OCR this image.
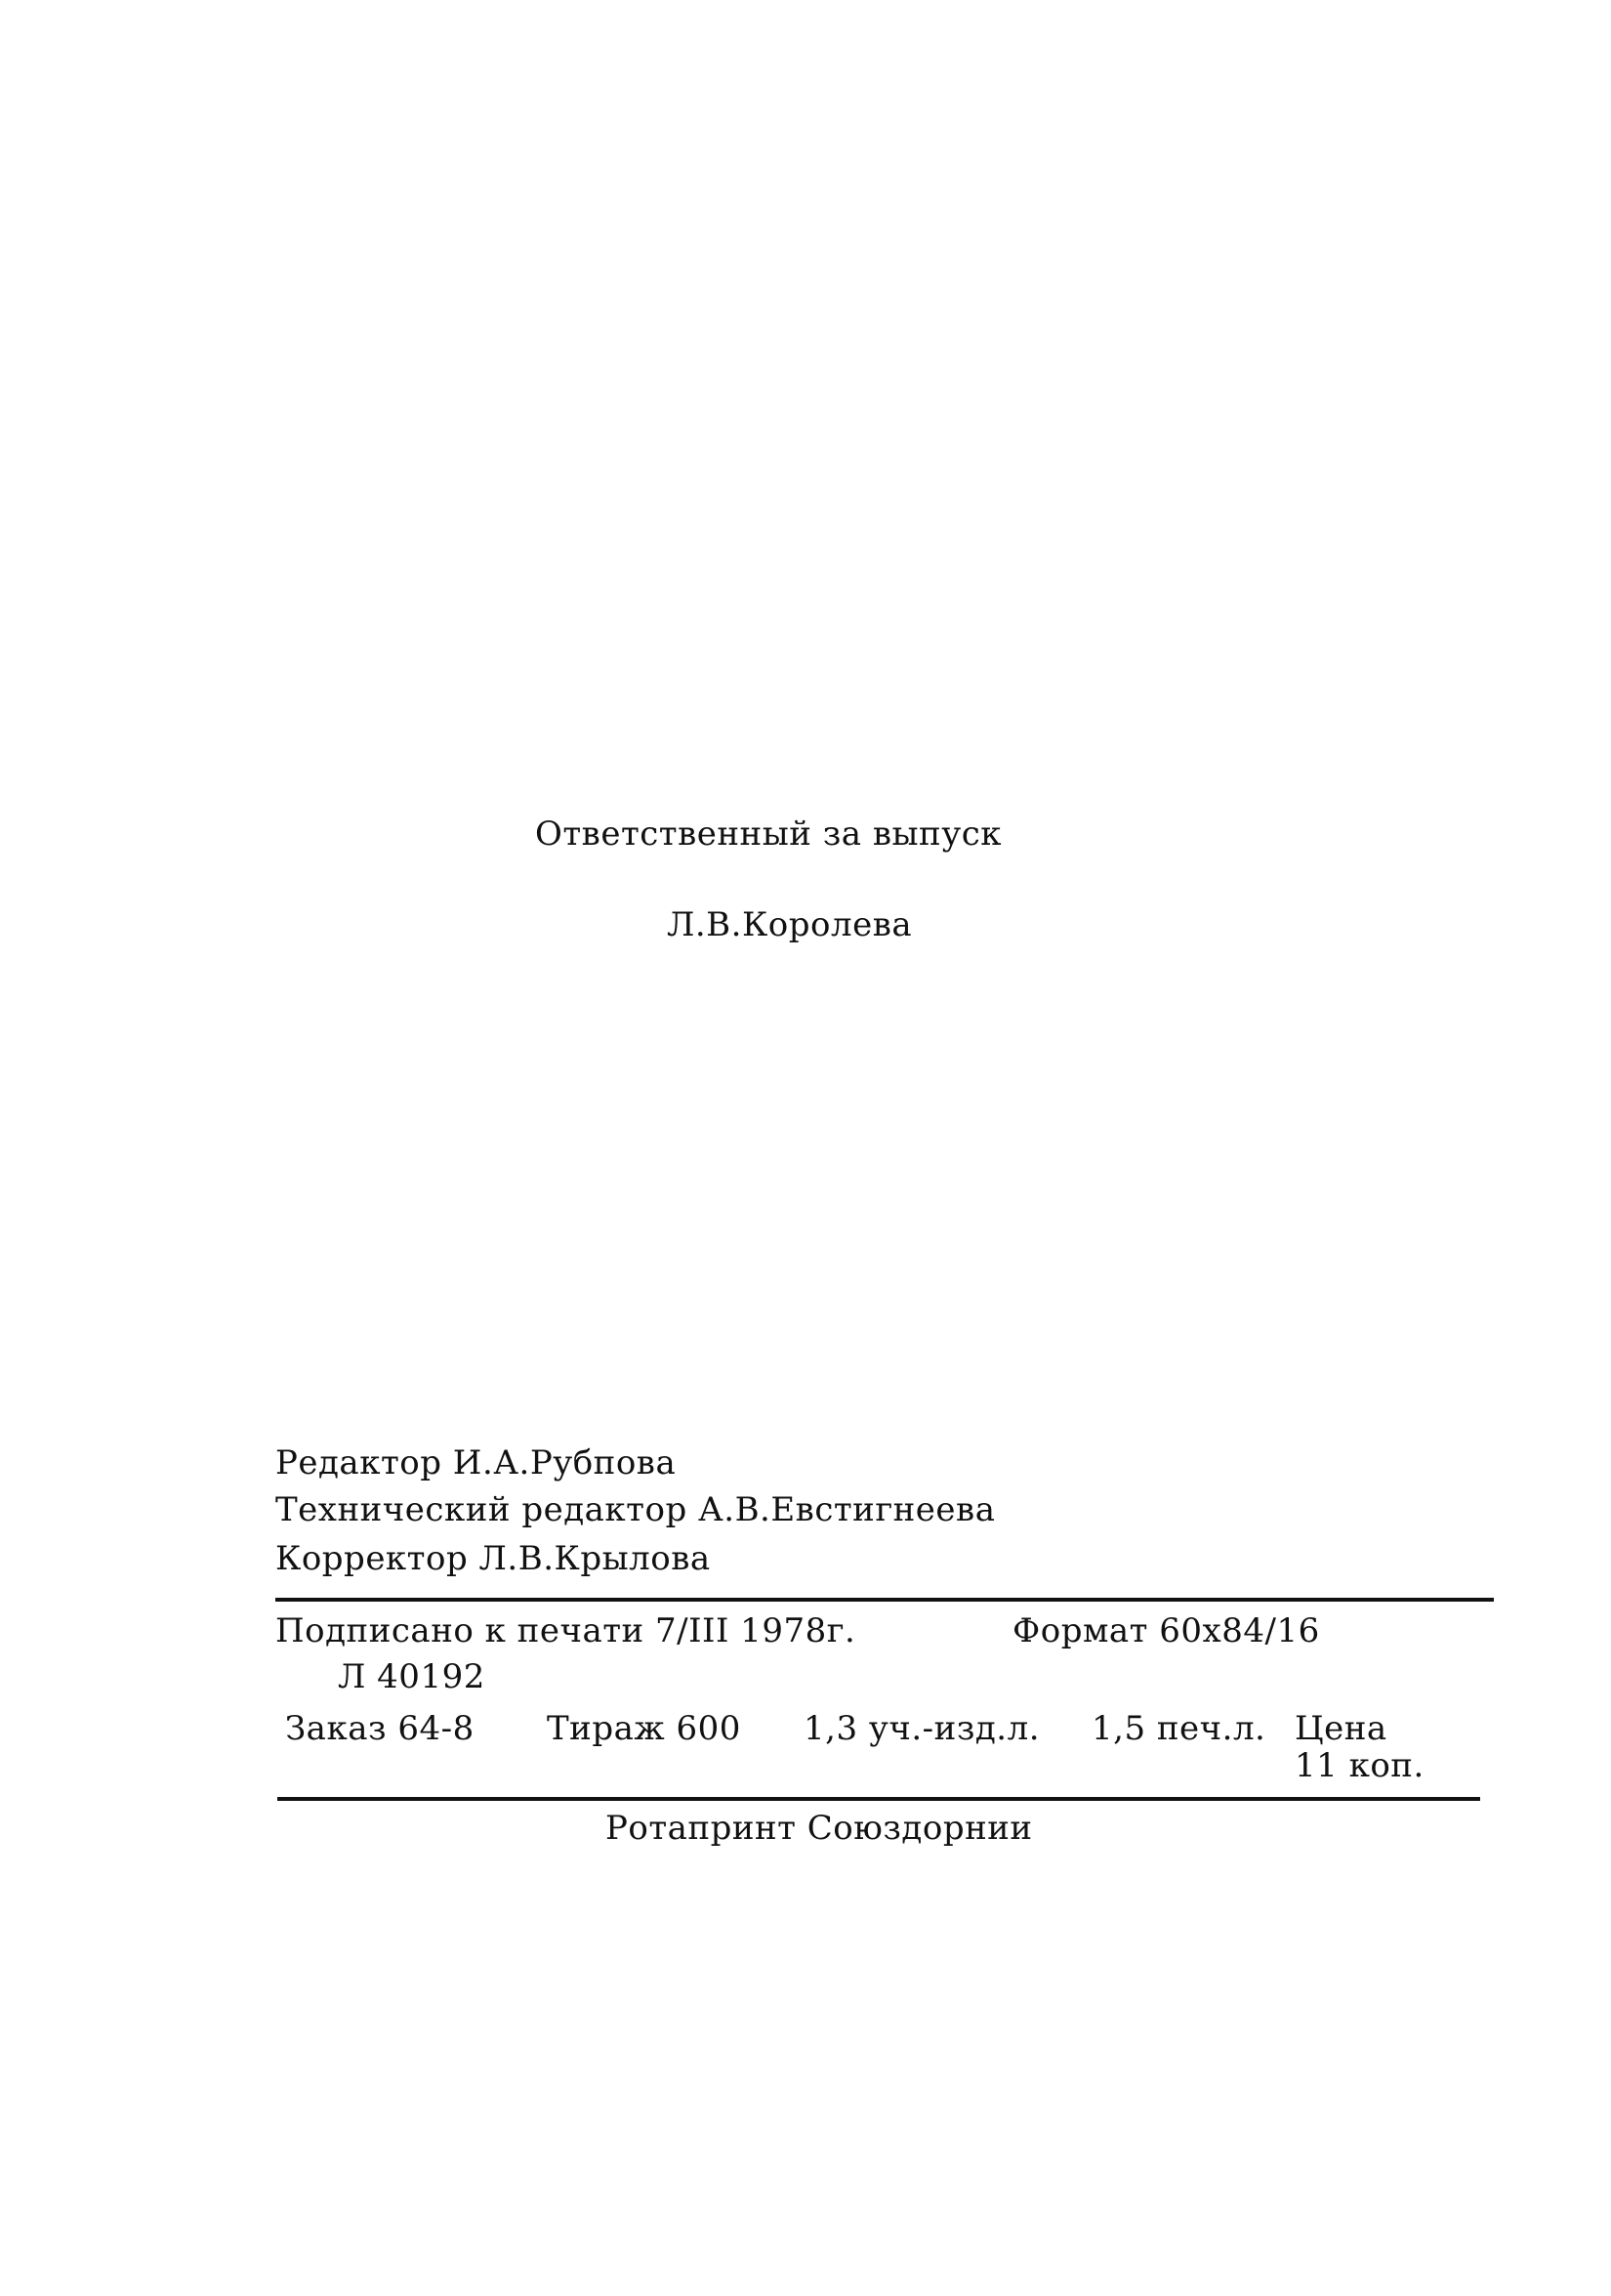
Ответственный за выпуск
Л.В.Королева
Редактор И.А.Рубпова
Технический редактор А.В.Евстигнеева
Корректор Л.В.Крылова
Подписано к печати 7/III 1978г.	Формат 60x84/16
Л 40192
Заказ 64-8 Тираж 600 1,3 уч.-изд.л. 1,5 печ.л. Цена
11 коп.
Ротапринт Союздорнии
